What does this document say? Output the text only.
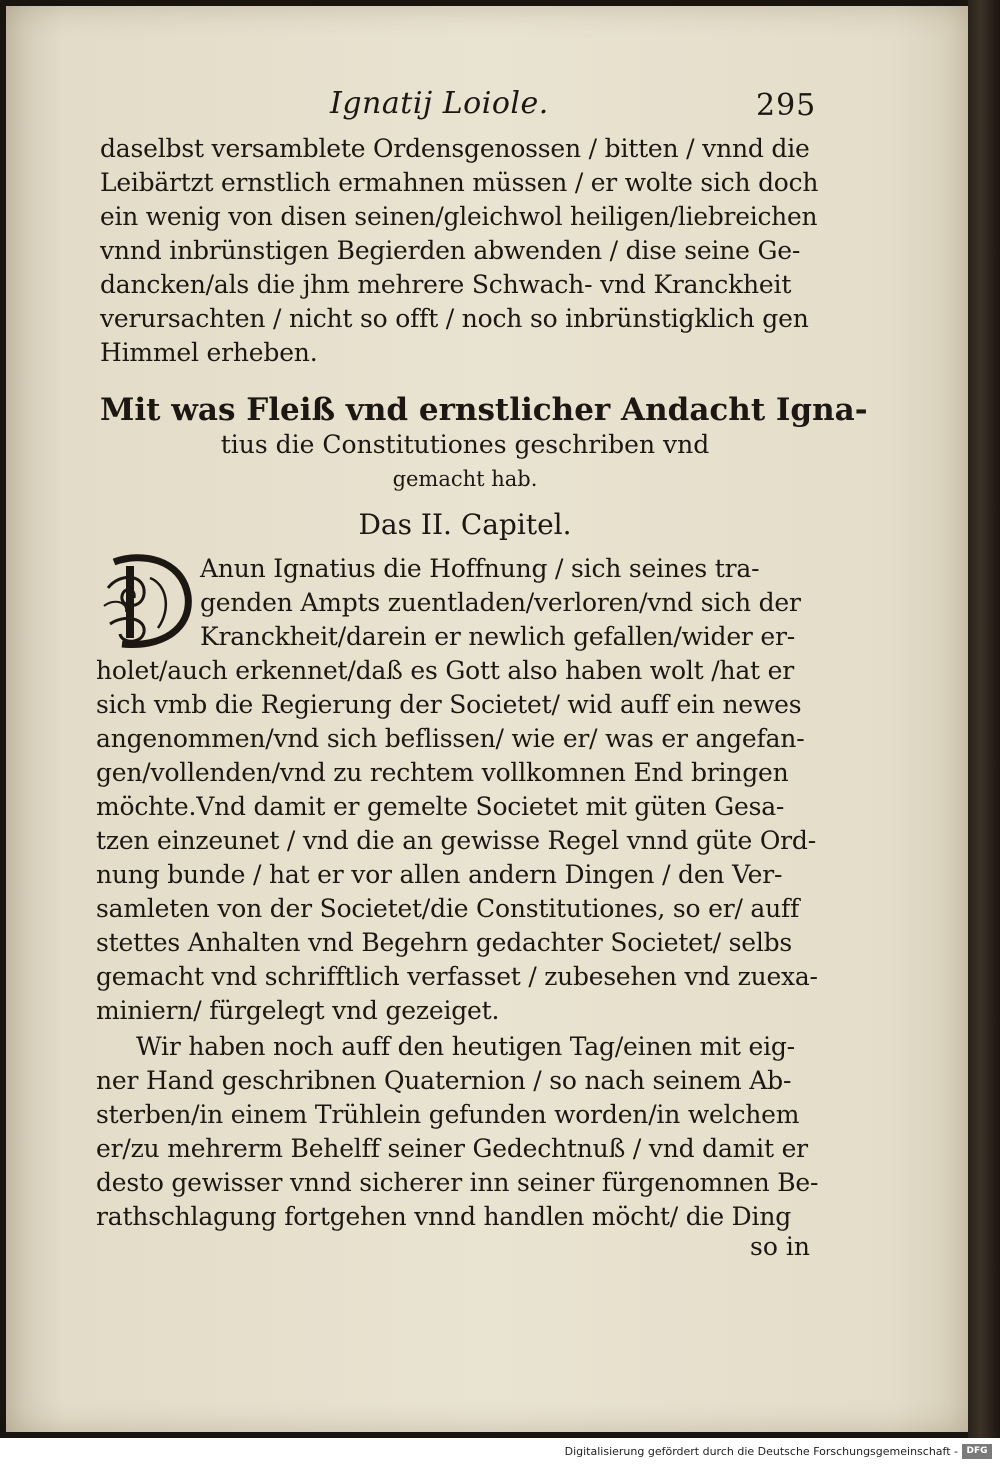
Ignatij Loiole.	295
daselbst versamblete Ordensgenossen / bitten / vnnd die
Leibärtzt ernstlich ermahnen müssen / er wolte sich doch
ein wenig von disen seinen/gleichwol heiligen/liebreichen
vnnd inbrünstigen Begierden abwenden / dise seine Ge-
dancken/als die jhm mehrere Schwach- vnd Kranckheit
verursachten / nicht so offt / noch so inbrünstigklich gen
Himmel erheben.
Mit was Fleiß vnd ernstlicher Andacht Igna-
tius die Constitutiones geschriben vnd
gemacht hab.
Das II. Capitel.
D
Anun Ignatius die Hoffnung / sich seines tra-
genden Ampts zuentladen/verloren/vnd sich der
Kranckheit/darein er newlich gefallen/wider er-
holet/auch erkennet/daß es Gott also haben wolt /hat er
sich vmb die Regierung der Societet/ wid auff ein newes
angenommen/vnd sich beflissen/ wie er/ was er angefan-
gen/vollenden/vnd zu rechtem vollkomnen End bringen
möchte.Vnd damit er gemelte Societet mit güten Gesa-
tzen einzeunet / vnd die an gewisse Regel vnnd güte Ord-
nung bunde / hat er vor allen andern Dingen / den Ver-
samleten von der Societet/die Constitutiones, so er/ auff
stettes Anhalten vnd Begehrn gedachter Societet/ selbs
gemacht vnd schrifftlich verfasset / zubesehen vnd zuexa-
miniern/ fürgelegt vnd gezeiget.
Wir haben noch auff den heutigen Tag/einen mit eig-
ner Hand geschribnen Quaternion / so nach seinem Ab-
sterben/in einem Trühlein gefunden worden/in welchem
er/zu mehrerm Behelff seiner Gedechtnuß / vnd damit er
desto gewisser vnnd sicherer inn seiner fürgenomnen Be-
rathschlagung fortgehen vnnd handlen möcht/ die Ding
so in
Digitalisierung gefördert durch die Deutsche Forschungsgemeinschaft - DFG
